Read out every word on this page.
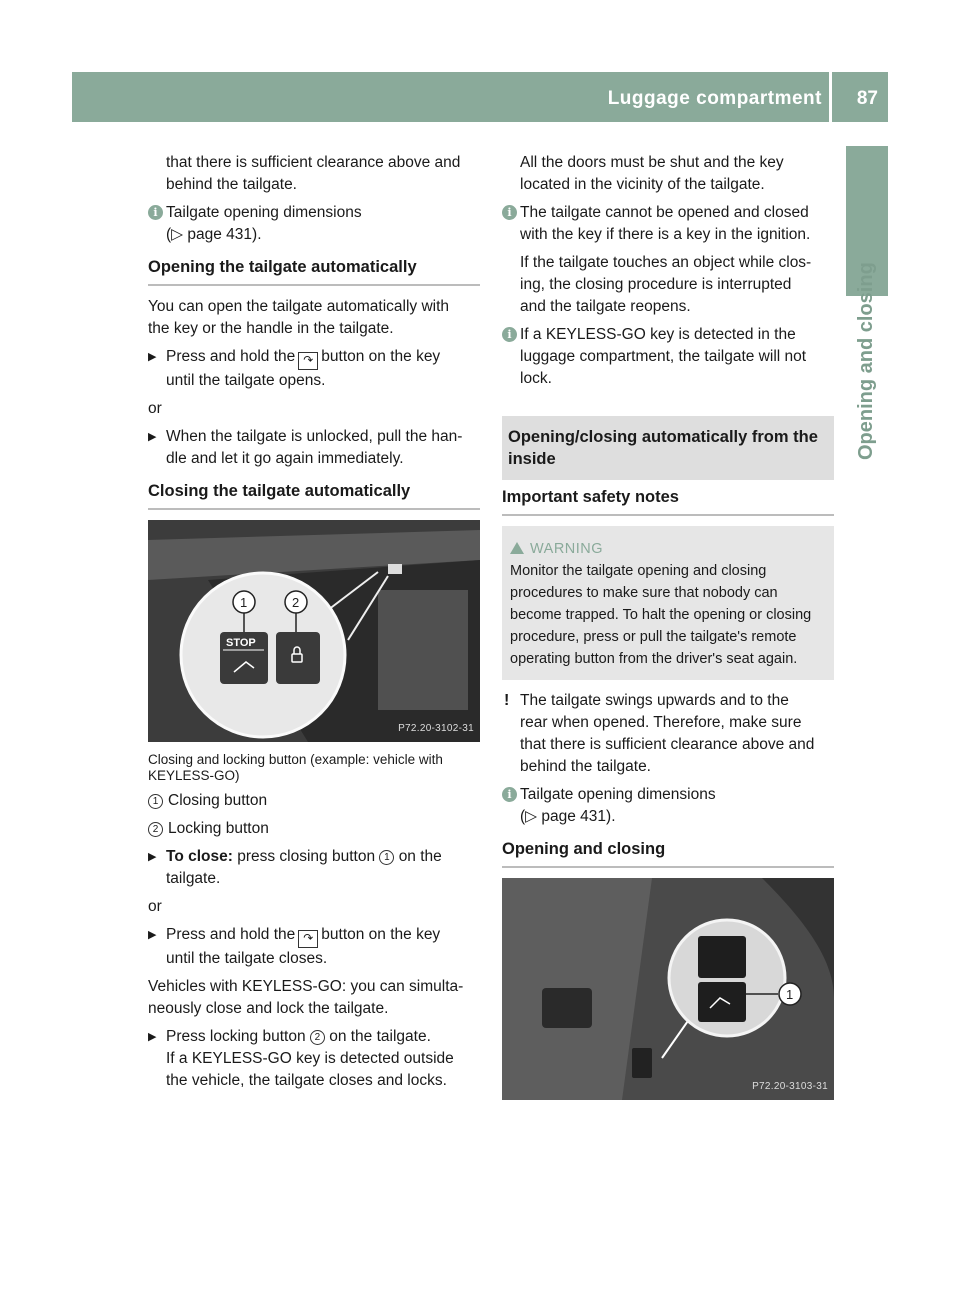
Luggage compartment 87
Opening and closing

that there is sufficient clearance above and

behind the tailgate.

i Tailgate opening dimensions

(▷ page 431).

Opening the tailgate automatically

You can open the tailgate automatically with

the key or the handle in the tailgate.

▶ Press and hold the ↷ button on the key

until the tailgate opens.

or

▶ When the tailgate is unlocked, pull the han-

dle and let it go again immediately.

Closing the tailgate automatically

STOP
1	2
P72.20-3102-31

Closing and locking button (example: vehicle with KEYLESS-GO)

1 Closing button

2 Locking button

▶ To close: press closing button 1 on the

tailgate.

or

▶ Press and hold the ↷ button on the key

until the tailgate closes.

Vehicles with KEYLESS-GO: you can simulta-

neously close and lock the tailgate.

▶ Press locking button 2 on the tailgate.

If a KEYLESS-GO key is detected outside

the vehicle, the tailgate closes and locks.

All the doors must be shut and the key

located in the vicinity of the tailgate.

i The tailgate cannot be opened and closed

with the key if there is a key in the ignition.

If the tailgate touches an object while clos-

ing, the closing procedure is interrupted

and the tailgate reopens.

i If a KEYLESS-GO key is detected in the

luggage compartment, the tailgate will not

lock.

Opening/closing automatically from the inside

Important safety notes

WARNING

Monitor the tailgate opening and closing procedures to make sure that nobody can become trapped. To halt the opening or closing procedure, press or pull the tailgate's remote operating button from the driver's seat again.

! The tailgate swings upwards and to the

rear when opened. Therefore, make sure

that there is sufficient clearance above and

behind the tailgate.

i Tailgate opening dimensions

(▷ page 431).

Opening and closing

1
P72.20-3103-31
